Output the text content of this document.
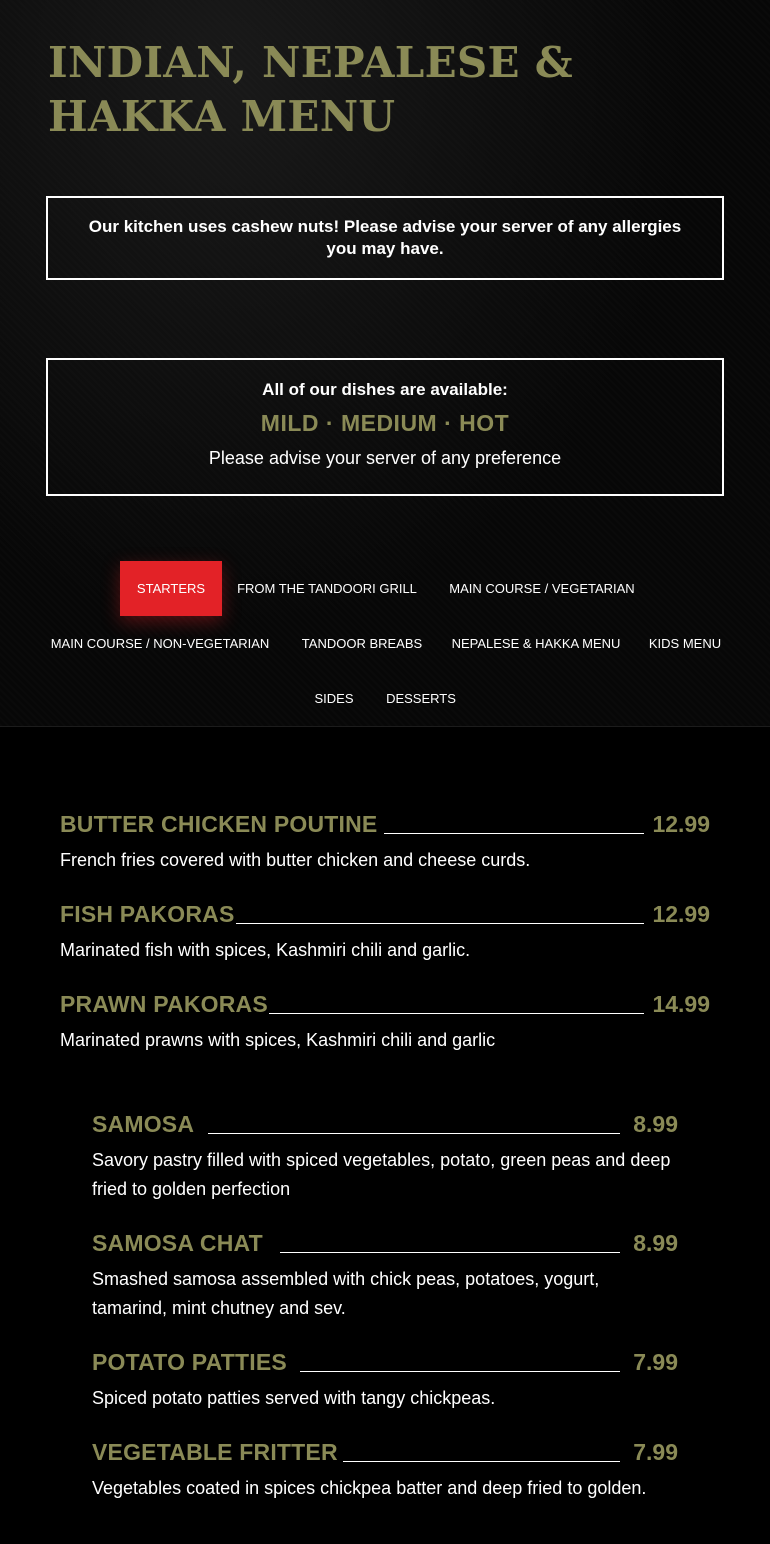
INDIAN, NEPALESE & HAKKA MENU

Our kitchen uses cashew nuts! Please advise your server of any allergies you may have.

All of our dishes are available:
MILD · MEDIUM · HOT
Please advise your server of any preference
STARTERS	FROM THE TANDOORI GRILL	MAIN COURSE / VEGETARIAN
MAIN COURSE / NON-VEGETARIAN	TANDOOR BREABS	NEPALESE & HAKKA MENU	KIDS MENU
SIDES	DESSERTS
BUTTER CHICKEN POUTINE	12.99
French fries covered with butter chicken and cheese curds.
FISH PAKORAS	12.99
Marinated fish with spices, Kashmiri chili and garlic.
PRAWN PAKORAS	14.99
Marinated prawns with spices, Kashmiri chili and garlic
SAMOSA	8.99
Savory pastry filled with spiced vegetables, potato, green peas and deep fried to golden perfection
SAMOSA CHAT	8.99
Smashed samosa assembled with chick peas, potatoes, yogurt, tamarind, mint chutney and sev.
POTATO PATTIES	7.99
Spiced potato patties served with tangy chickpeas.
VEGETABLE FRITTER	7.99
Vegetables coated in spices chickpea batter and deep fried to golden.
